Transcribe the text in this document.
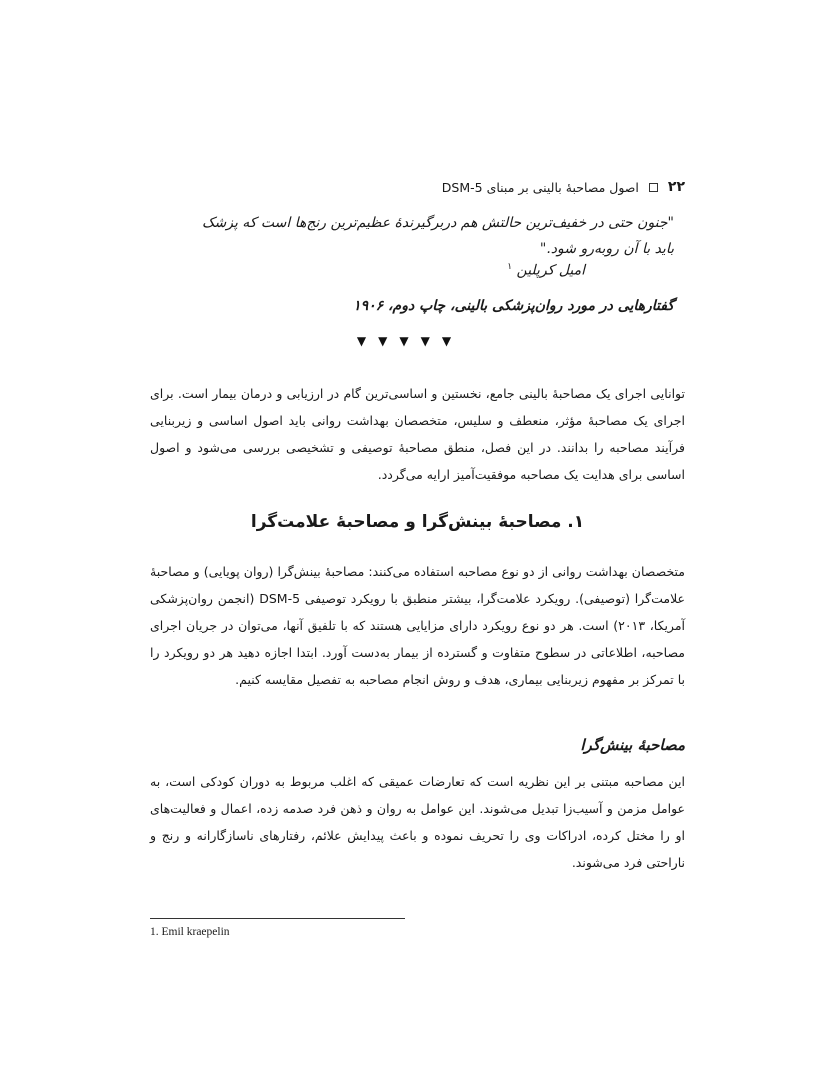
۲۲
اصول مصاحبهٔ بالینی بر مبنای DSM-5
"جنون حتی در خفیف‌ترین حالتش هم دربرگیرندهٔ عظیم‌ترین رنج‌ها است که پزشک باید با آن روبه‌رو شود."
امیل کرپلین $^۱$
گفتارهایی در مورد روان‌پزشکی بالینی، چاپ دوم، ۱۹۰۶
▼▼▼▼▼

توانایی اجرای یک مصاحبهٔ بالینی جامع، نخستین و اساسی‌ترین گام در ارزیابی و درمان بیمار است. برای اجرای یک مصاحبهٔ مؤثر، منعطف و سلیس، متخصصان بهداشت روانی باید اصول اساسی و زیربنایی فرآیند مصاحبه را بدانند. در این فصل، منطق مصاحبهٔ توصیفی و تشخیصی بررسی می‌شود و اصول اساسی برای هدایت یک مصاحبه موفقیت‌آمیز ارایه می‌گردد.

۱. مصاحبهٔ بینش‌گرا و مصاحبهٔ علامت‌گرا

متخصصان بهداشت روانی از دو نوع مصاحبه استفاده می‌کنند: مصاحبهٔ بینش‌گرا (روان پویایی) و مصاحبهٔ علامت‌گرا (توصیفی). رویکرد علامت‌گرا، بیشتر منطبق با رویکرد توصیفی DSM-5 (انجمن روان‌پزشکی آمریکا، ۲۰۱۳) است. هر دو نوع رویکرد دارای مزایایی هستند که با تلفیق آنها، می‌توان در جریان اجرای مصاحبه، اطلاعاتی در سطوح متفاوت و گسترده از بیمار به‌دست آورد. ابتدا اجازه دهید هر دو رویکرد را با تمرکز بر مفهوم زیربنایی بیماری، هدف و روش انجام مصاحبه به تفصیل مقایسه کنیم.

مصاحبهٔ بینش‌گرا

این مصاحبه مبتنی بر این نظریه است که تعارضات عمیقی که اغلب مربوط به دوران کودکی است، به عوامل مزمن و آسیب‌زا تبدیل می‌شوند. این عوامل به روان و ذهن فرد صدمه زده، اعمال و فعالیت‌های او را مختل کرده، ادراکات وی را تحریف نموده و باعث پیدایش علائم، رفتارهای ناسازگارانه و رنج و ناراحتی فرد می‌شوند.

1. Emil kraepelin
